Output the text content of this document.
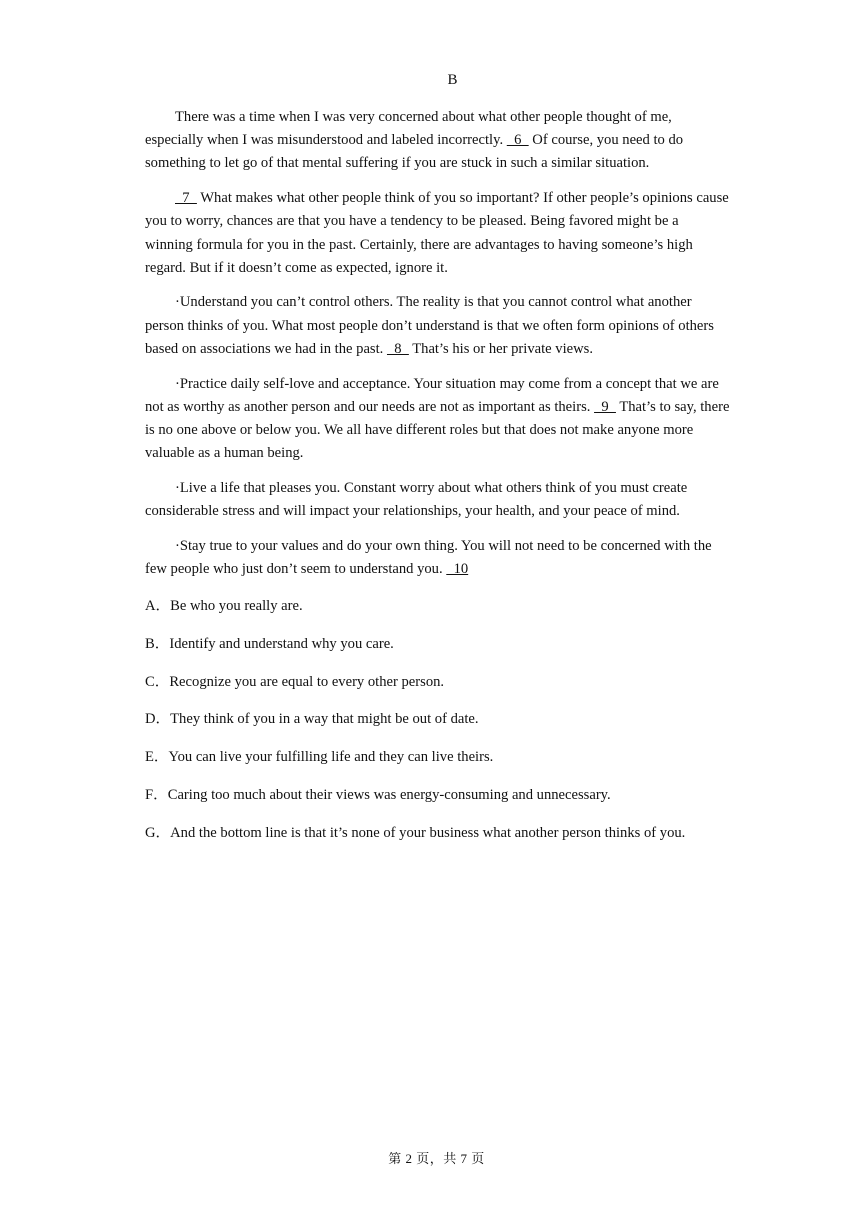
B

There was a time when I was very concerned about what other people thought of me, especially when I was misunderstood and labeled incorrectly.   6   Of course, you need to do something to let go of that mental suffering if you are stuck in such a similar situation.

7   What makes what other people think of you so important? If other people’s opinions cause you to worry, chances are that you have a tendency to be pleased. Being favored might be a winning formula for you in the past. Certainly, there are advantages to having someone’s high regard. But if it doesn’t come as expected, ignore it.

·Understand you can’t control others. The reality is that you cannot control what another person thinks of you. What most people don’t understand is that we often form opinions of others based on associations we had in the past.   8   That’s his or her private views.

·Practice daily self-love and acceptance. Your situation may come from a concept that we are not as worthy as another person and our needs are not as important as theirs.   9   That’s to say, there is no one above or below you. We all have different roles but that does not make anyone more valuable as a human being.

·Live a life that pleases you. Constant worry about what others think of you must create considerable stress and will impact your relationships, your health, and your peace of mind.

·Stay true to your values and do your own thing. You will not need to be concerned with the few people who just don’t seem to understand you.   10

A．Be who you really are.
B．Identify and understand why you care.
C．Recognize you are equal to every other person.
D．They think of you in a way that might be out of date.
E．You can live your fulfilling life and they can live theirs.
F．Caring too much about their views was energy-consuming and unnecessary.
G．And the bottom line is that it’s none of your business what another person thinks of you.
第 2 页，共 7 页
